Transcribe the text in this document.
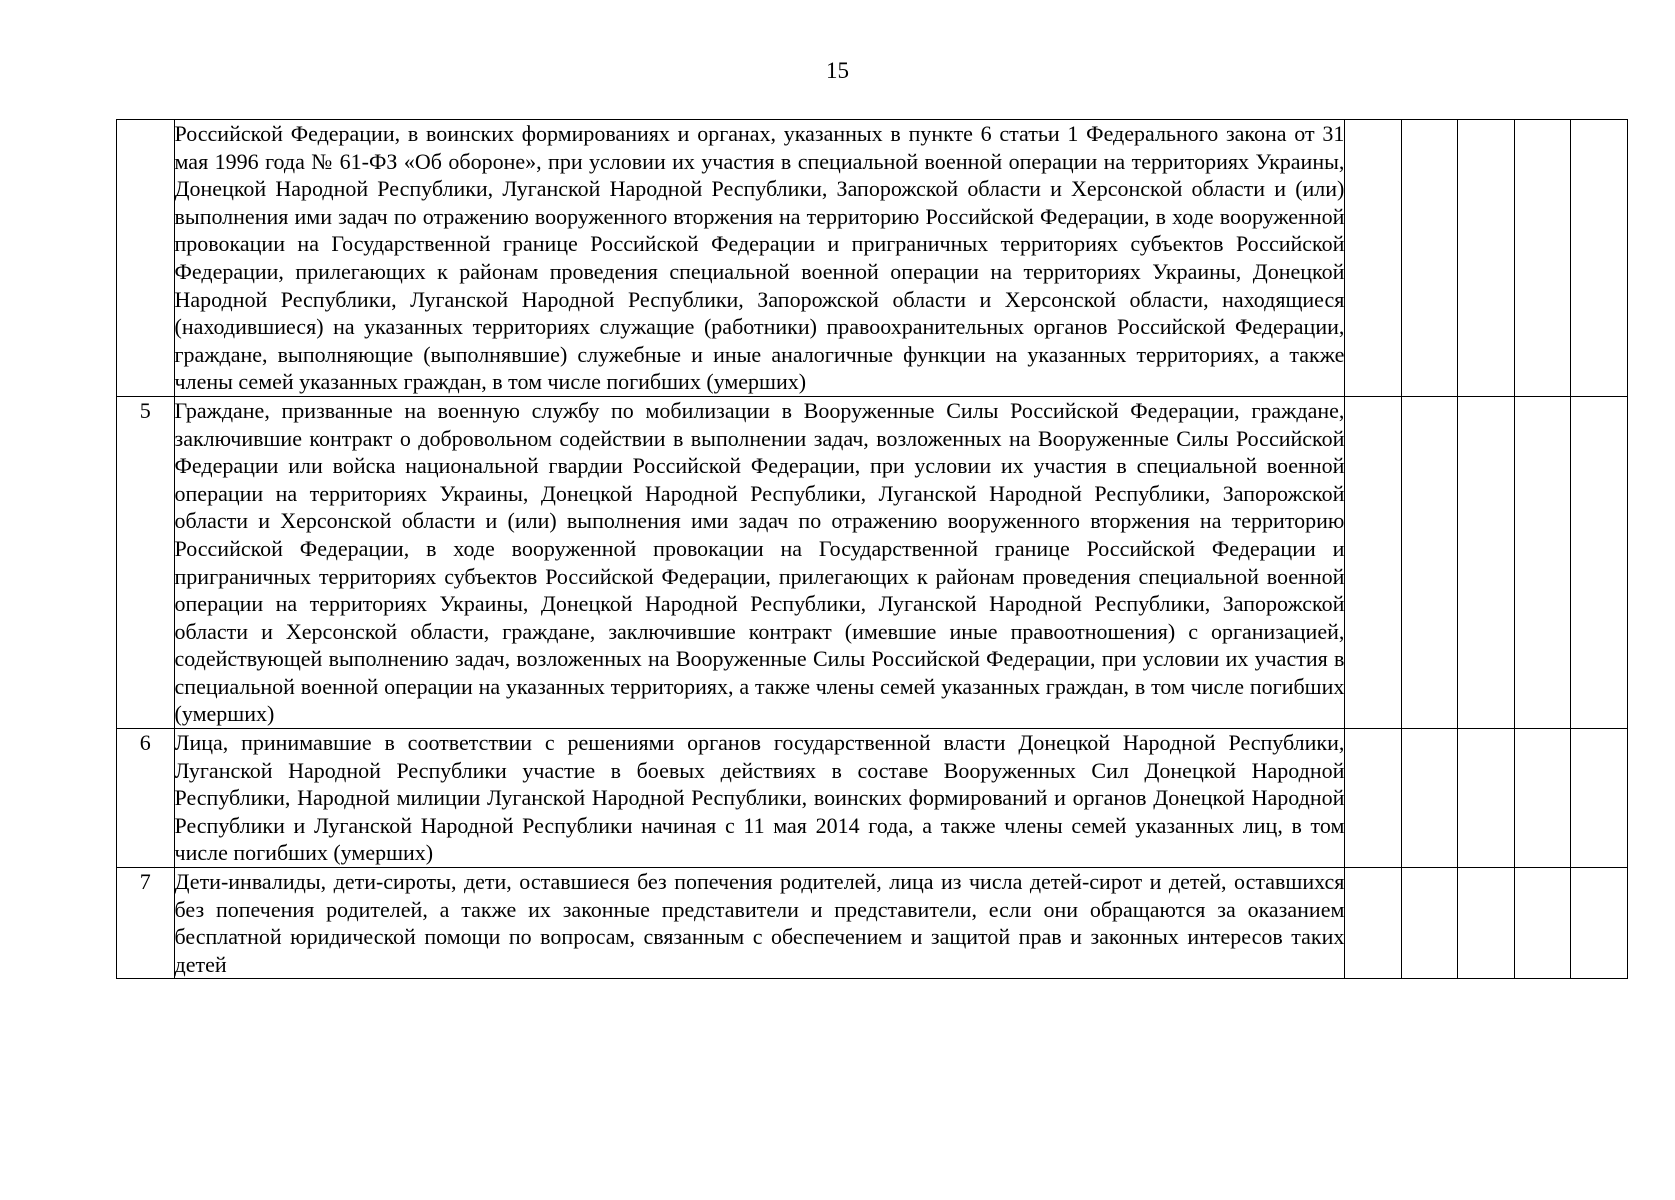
15

	Российской Федерации, в воинских формированиях и органах, указанных в пункте 6 статьи 1 Федерального закона от 31 мая 1996 года № 61-ФЗ «Об обороне», при условии их участия в специальной военной операции на территориях Украины, Донецкой Народной Республики, Луганской Народной Республики, Запорожской области и Херсонской области и (или) выполнения ими задач по отражению вооруженного вторжения на территорию Российской Федерации, в ходе вооруженной провокации на Государственной границе Российской Федерации и приграничных территориях субъектов Российской Федерации, прилегающих к районам проведения специальной военной операции на территориях Украины, Донецкой Народной Республики, Луганской Народной Республики, Запорожской области и Херсонской области, находящиеся (находившиеся) на указанных территориях служащие (работники) правоохранительных органов Российской Федерации, граждане, выполняющие (выполнявшие) служебные и иные аналогичные функции на указанных территориях, а также члены семей указанных граждан, в том числе погибших (умерших)					

5	Граждане, призванные на военную службу по мобилизации в Вооруженные Силы Российской Федерации, граждане, заключившие контракт о добровольном содействии в выполнении задач, возложенных на Вооруженные Силы Российской Федерации или войска национальной гвардии Российской Федерации, при условии их участия в специальной военной операции на территориях Украины, Донецкой Народной Республики, Луганской Народной Республики, Запорожской области и Херсонской области и (или) выполнения ими задач по отражению вооруженного вторжения на территорию Российской Федерации, в ходе вооруженной провокации на Государственной границе Российской Федерации и приграничных территориях субъектов Российской Федерации, прилегающих к районам проведения специальной военной операции на территориях Украины, Донецкой Народной Республики, Луганской Народной Республики, Запорожской области и Херсонской области, граждане, заключившие контракт (имевшие иные правоотношения) с организацией, содействующей выполнению задач, возложенных на Вооруженные Силы Российской Федерации, при условии их участия в специальной военной операции на указанных территориях, а также члены семей указанных граждан, в том числе погибших (умерших)					

6	Лица, принимавшие в соответствии с решениями органов государственной власти Донецкой Народной Республики, Луганской Народной Республики участие в боевых действиях в составе Вооруженных Сил Донецкой Народной Республики, Народной милиции Луганской Народной Республики, воинских формирований и органов Донецкой Народной Республики и Луганской Народной Республики начиная с 11 мая 2014 года, а также члены семей указанных лиц, в том числе погибших (умерших)					

7	Дети-инвалиды, дети-сироты, дети, оставшиеся без попечения родителей, лица из числа детей-сирот и детей, оставшихся без попечения родителей, а также их законные представители и представители, если они обращаются за оказанием бесплатной юридической помощи по вопросам, связанным с обеспечением и защитой прав и законных интересов таких детей					
